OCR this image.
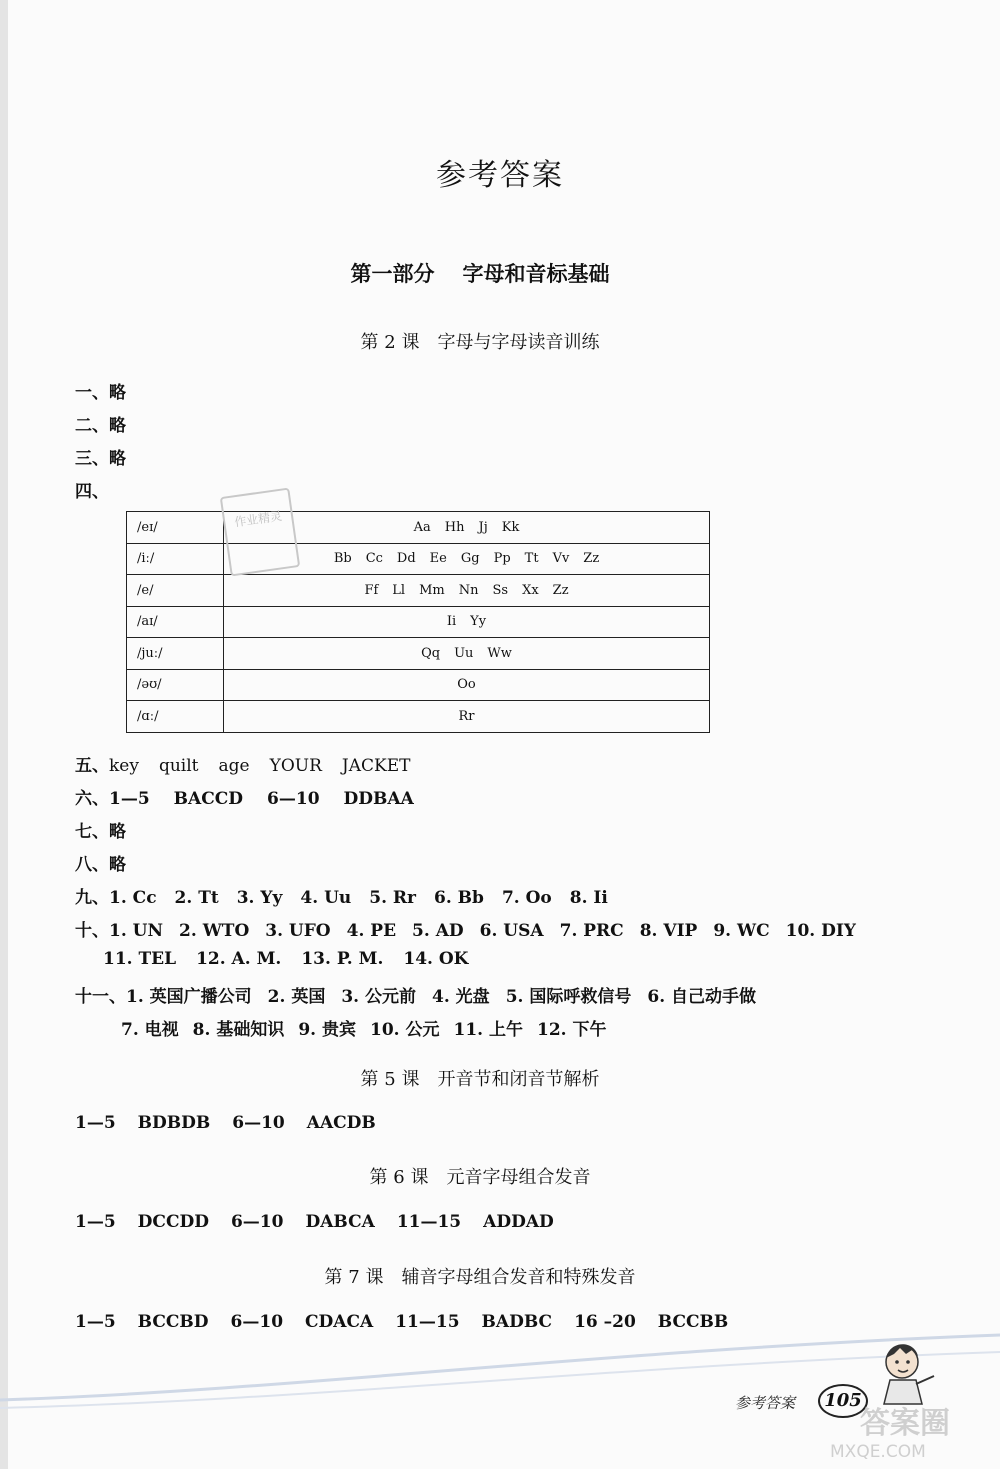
参考答案
第一部分 字母和音标基础
第 2 课 字母与字母读音训练
一、略
二、略
三、略
四、
/eɪ/	Aa Hh Jj Kk
/iː/	Bb Cc Dd Ee Gg Pp Tt Vv Zz
/e/	Ff Ll Mm Nn Ss Xx Zz
/aɪ/	Ii Yy
/juː/	Qq Uu Ww
/əʊ/	Oo
/ɑː/	Rr
作业精灵
五、key quilt age YOUR JACKET
六、1—5 BACCD 6—10 DDBAA
七、略
八、略
九、1. Cc 2. Tt 3. Yy 4. Uu 5. Rr 6. Bb 7. Oo 8. Ii
十、1. UN 2. WTO 3. UFO 4. PE 5. AD 6. USA 7. PRC 8. VIP 9. WC 10. DIY
11. TEL 12. A. M. 13. P. M. 14. OK
十一、1. 英国广播公司 2. 英国 3. 公元前 4. 光盘 5. 国际呼救信号 6. 自己动手做
7. 电视 8. 基础知识 9. 贵宾 10. 公元 11. 上午 12. 下午
第 5 课 开音节和闭音节解析
1—5 BDBDB 6—10 AACDB
第 6 课 元音字母组合发音
1—5 DCCDD 6—10 DABCA 11—15 ADDAD
第 7 课 辅音字母组合发音和特殊发音
1—5 BCCBD 6—10 CDACA 11—15 BADBC 16 –20 BCCBB
参考答案	105
答案圈
MXQE.COM
